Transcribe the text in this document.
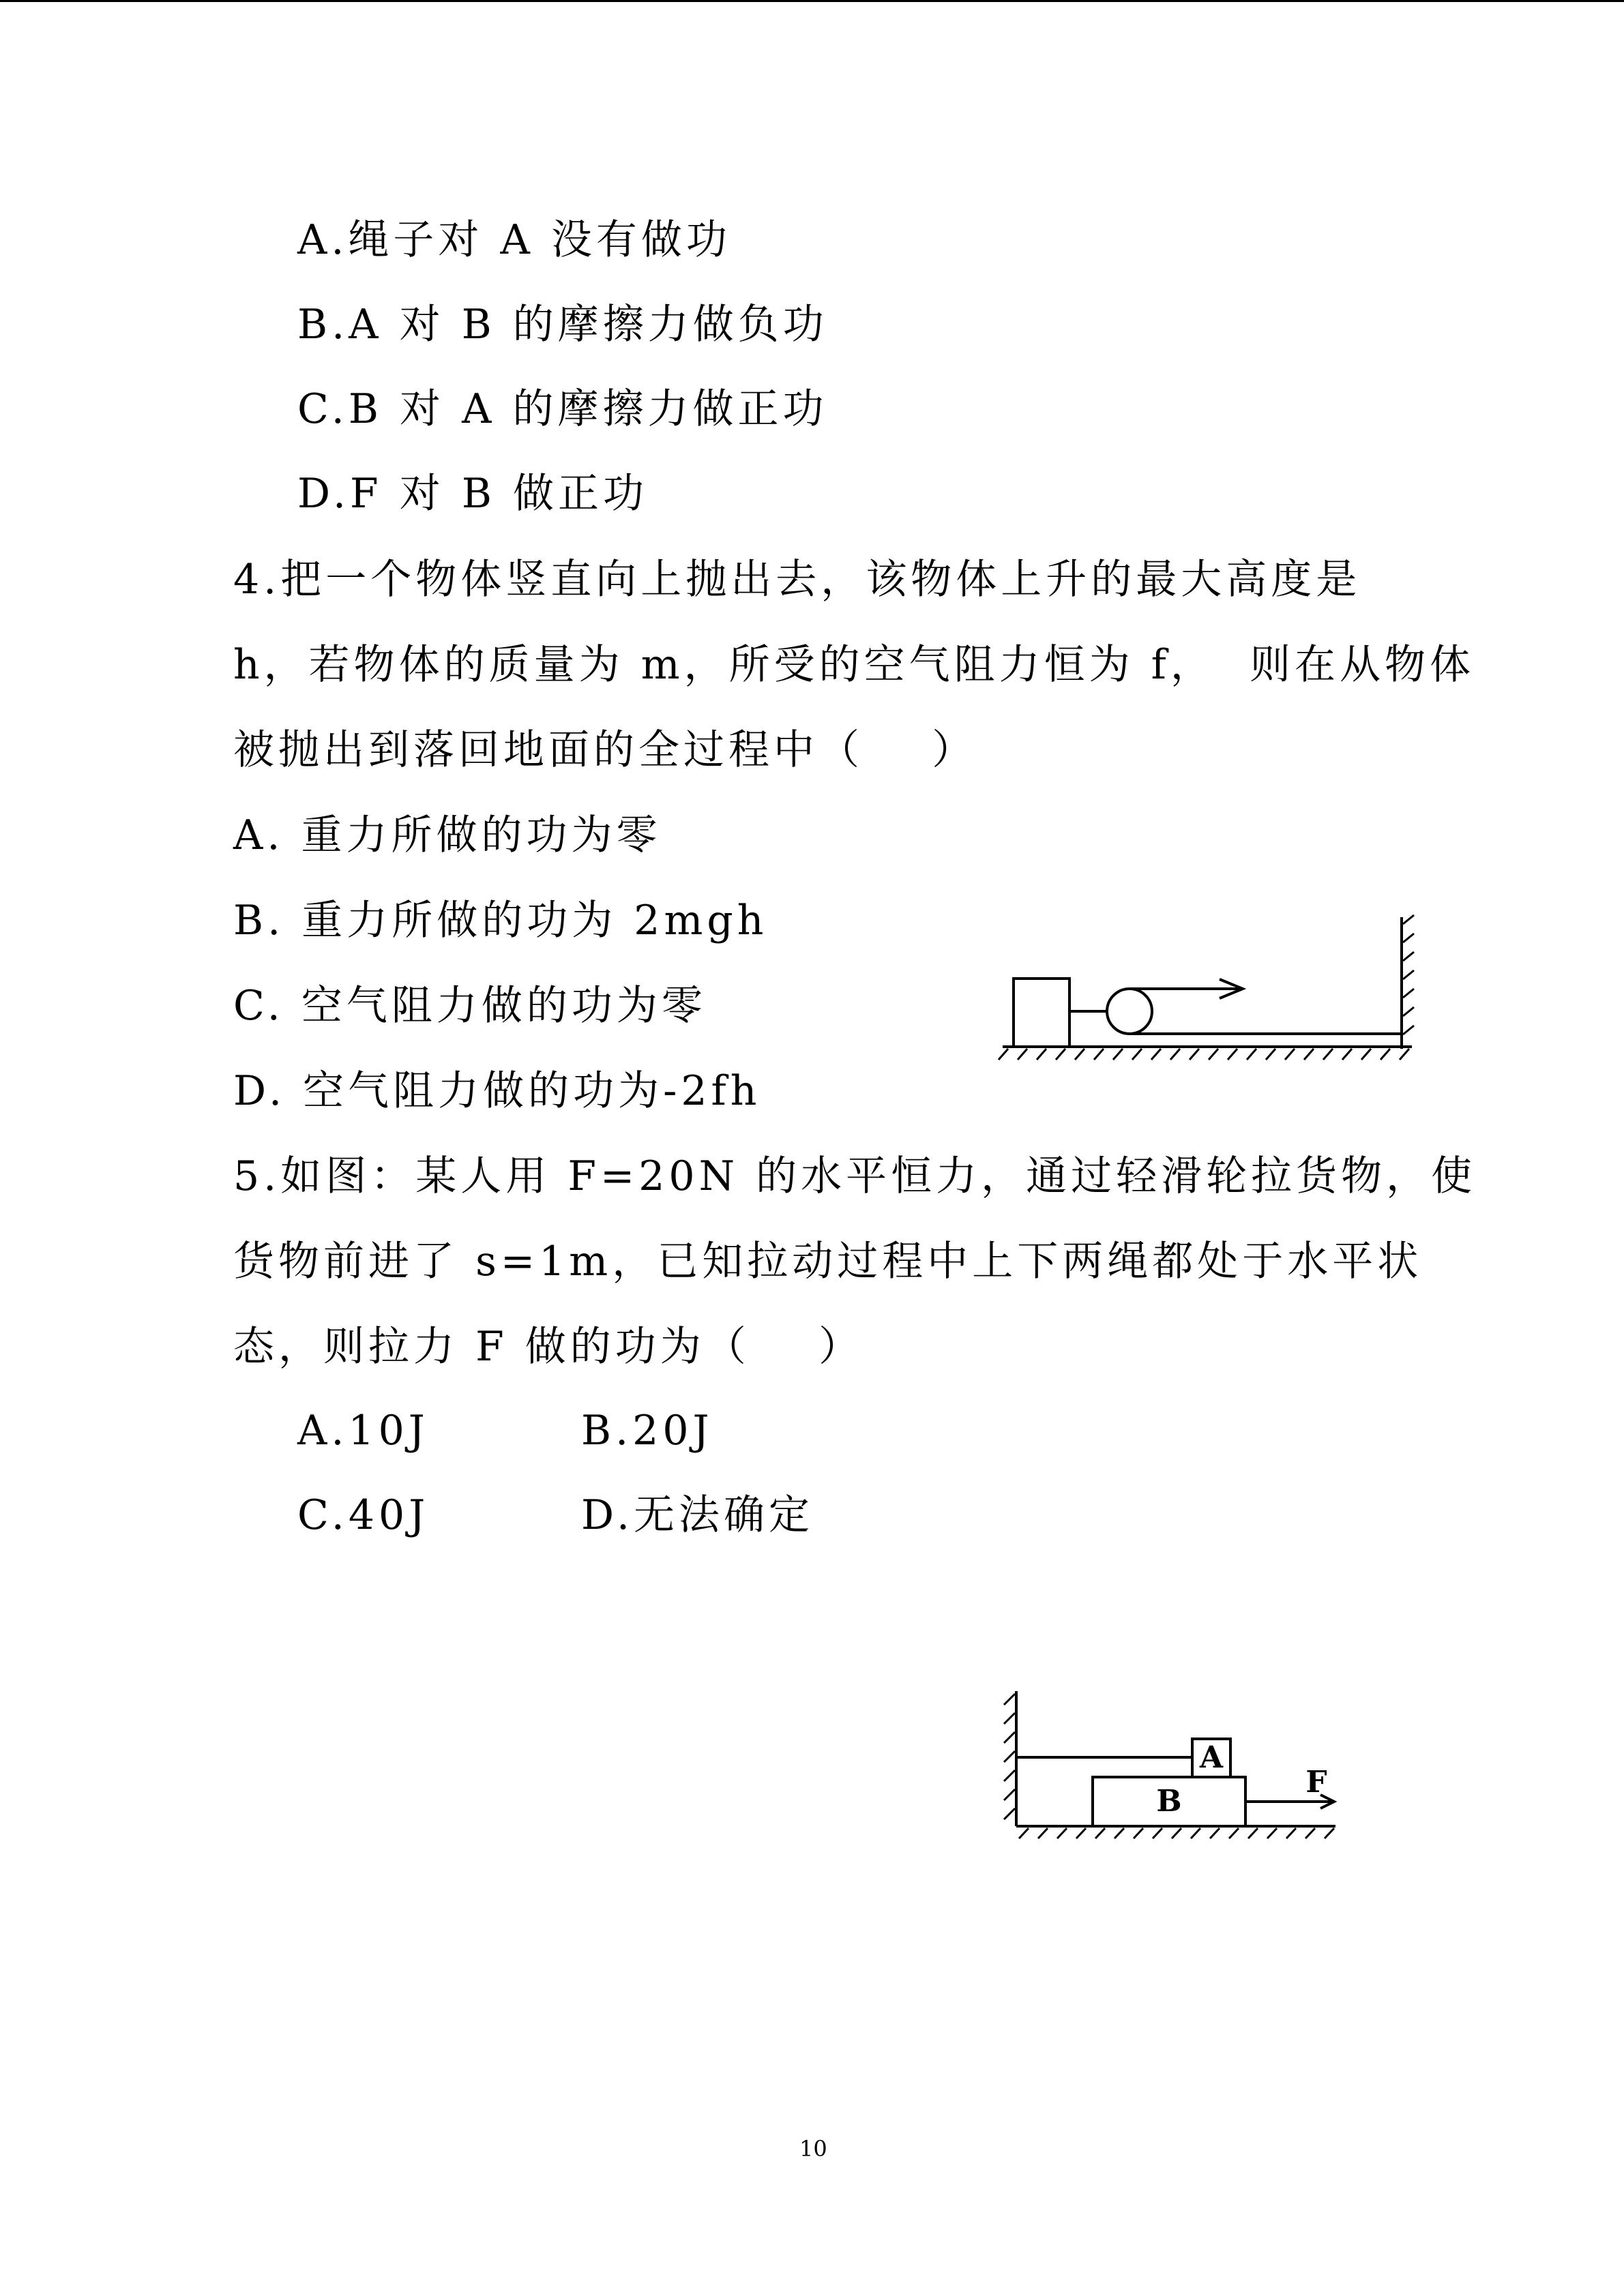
A.绳子对 A 没有做功
B.A 对 B 的摩擦力做负功
C.B 对 A 的摩擦力做正功
D.F 对 B 做正功
4.把一个物体竖直向上抛出去，该物体上升的最大高度是
h，若物体的质量为 m，所受的空气阻力恒为 f，  则在从物体
被抛出到落回地面的全过程中（    ）
A. 重力所做的功为零
B. 重力所做的功为 2mgh
C. 空气阻力做的功为零
D. 空气阻力做的功为-2fh
5.如图：某人用 F=20N 的水平恒力，通过轻滑轮拉货物，使
货物前进了 s=1m，已知拉动过程中上下两绳都处于水平状
态，则拉力 F 做的功为（    ）
A.10J	B.20J
C.40J	D.无法确定
A
B
F
10
